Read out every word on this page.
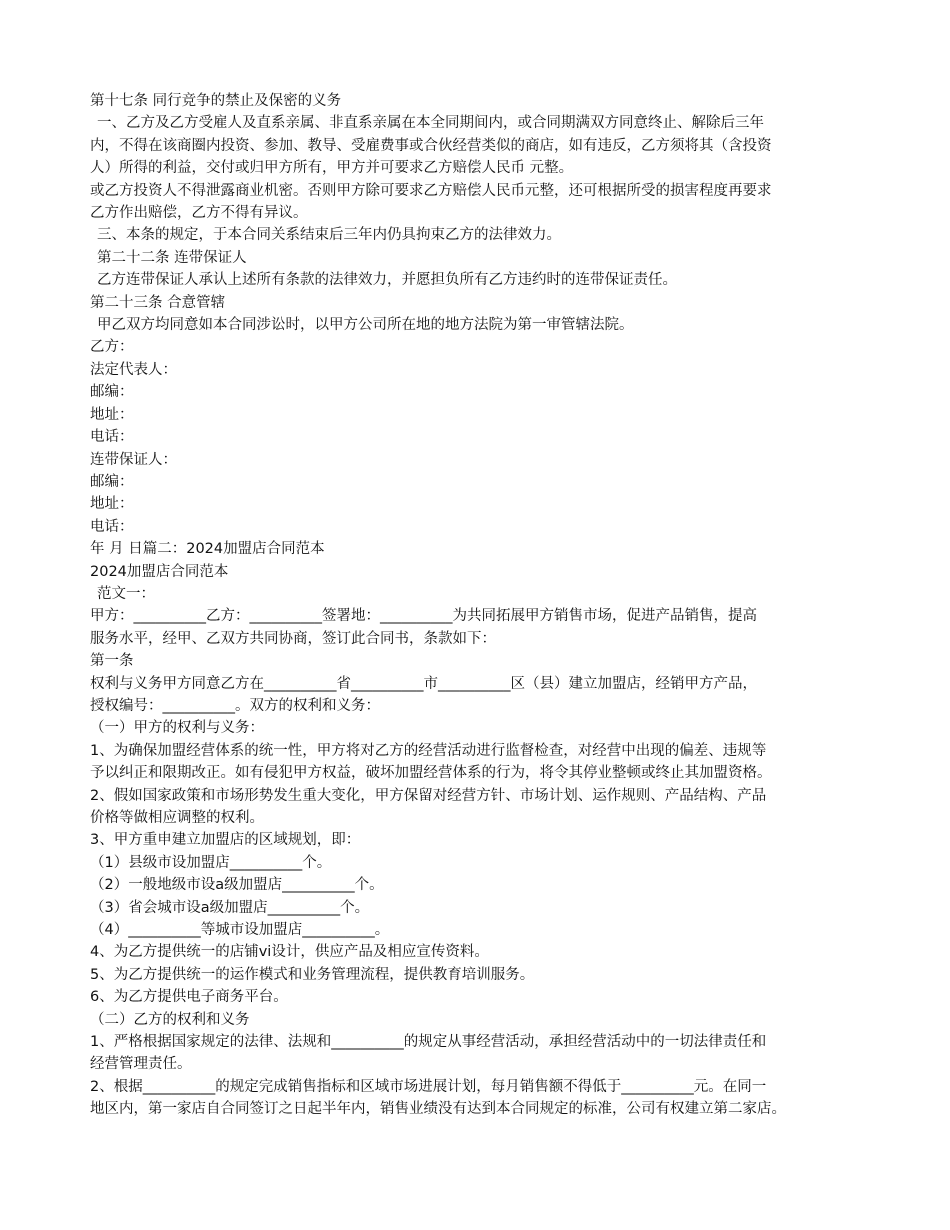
第十七条 同行竞争的禁止及保密的义务
一、乙方及乙方受雇人及直系亲属、非直系亲属在本全同期间内，或合同期满双方同意终止、解除后三年
内，不得在该商圈内投资、参加、教导、受雇费事或合伙经营类似的商店，如有违反，乙方须将其（含投资
人）所得的利益，交付或归甲方所有，甲方并可要求乙方赔偿人民币 元整。
或乙方投资人不得泄露商业机密。否则甲方除可要求乙方赔偿人民币元整，还可根据所受的损害程度再要求
乙方作出赔偿，乙方不得有异议。
三、本条的规定，于本合同关系结束后三年内仍具拘束乙方的法律效力。
第二十二条 连带保证人
乙方连带保证人承认上述所有条款的法律效力，并愿担负所有乙方违约时的连带保证责任。
第二十三条 合意管辖
甲乙双方均同意如本合同涉讼时，以甲方公司所在地的地方法院为第一审管辖法院。
乙方：
法定代表人：
邮编：
地址：
电话：
连带保证人：
邮编：
地址：
电话：
年 月 日篇二：2024加盟店合同范本
2024加盟店合同范本
范文一：
甲方：__________乙方：__________签署地：__________为共同拓展甲方销售市场，促进产品销售，提高
服务水平，经甲、乙双方共同协商，签订此合同书，条款如下：
第一条
权利与义务甲方同意乙方在__________省__________市__________区（县）建立加盟店，经销甲方产品，
授权编号：__________。双方的权利和义务：
（一）甲方的权利与义务：
1、为确保加盟经营体系的统一性，甲方将对乙方的经营活动进行监督检查，对经营中出现的偏差、违规等
予以纠正和限期改正。如有侵犯甲方权益，破坏加盟经营体系的行为，将令其停业整顿或终止其加盟资格。
2、假如国家政策和市场形势发生重大变化，甲方保留对经营方针、市场计划、运作规则、产品结构、产品
价格等做相应调整的权利。
3、甲方重申建立加盟店的区域规划，即：
（1）县级市设加盟店__________个。
（2）一般地级市设a级加盟店__________个。
（3）省会城市设a级加盟店__________个。
（4）__________等城市设加盟店__________。
4、为乙方提供统一的店铺vi设计，供应产品及相应宣传资料。
5、为乙方提供统一的运作模式和业务管理流程，提供教育培训服务。
6、为乙方提供电子商务平台。
（二）乙方的权利和义务
1、严格根据国家规定的法律、法规和__________的规定从事经营活动，承担经营活动中的一切法律责任和
经营管理责任。
2、根据__________的规定完成销售指标和区域市场进展计划，每月销售额不得低于__________元。在同一
地区内，第一家店自合同签订之日起半年内，销售业绩没有达到本合同规定的标准，公司有权建立第二家店。
